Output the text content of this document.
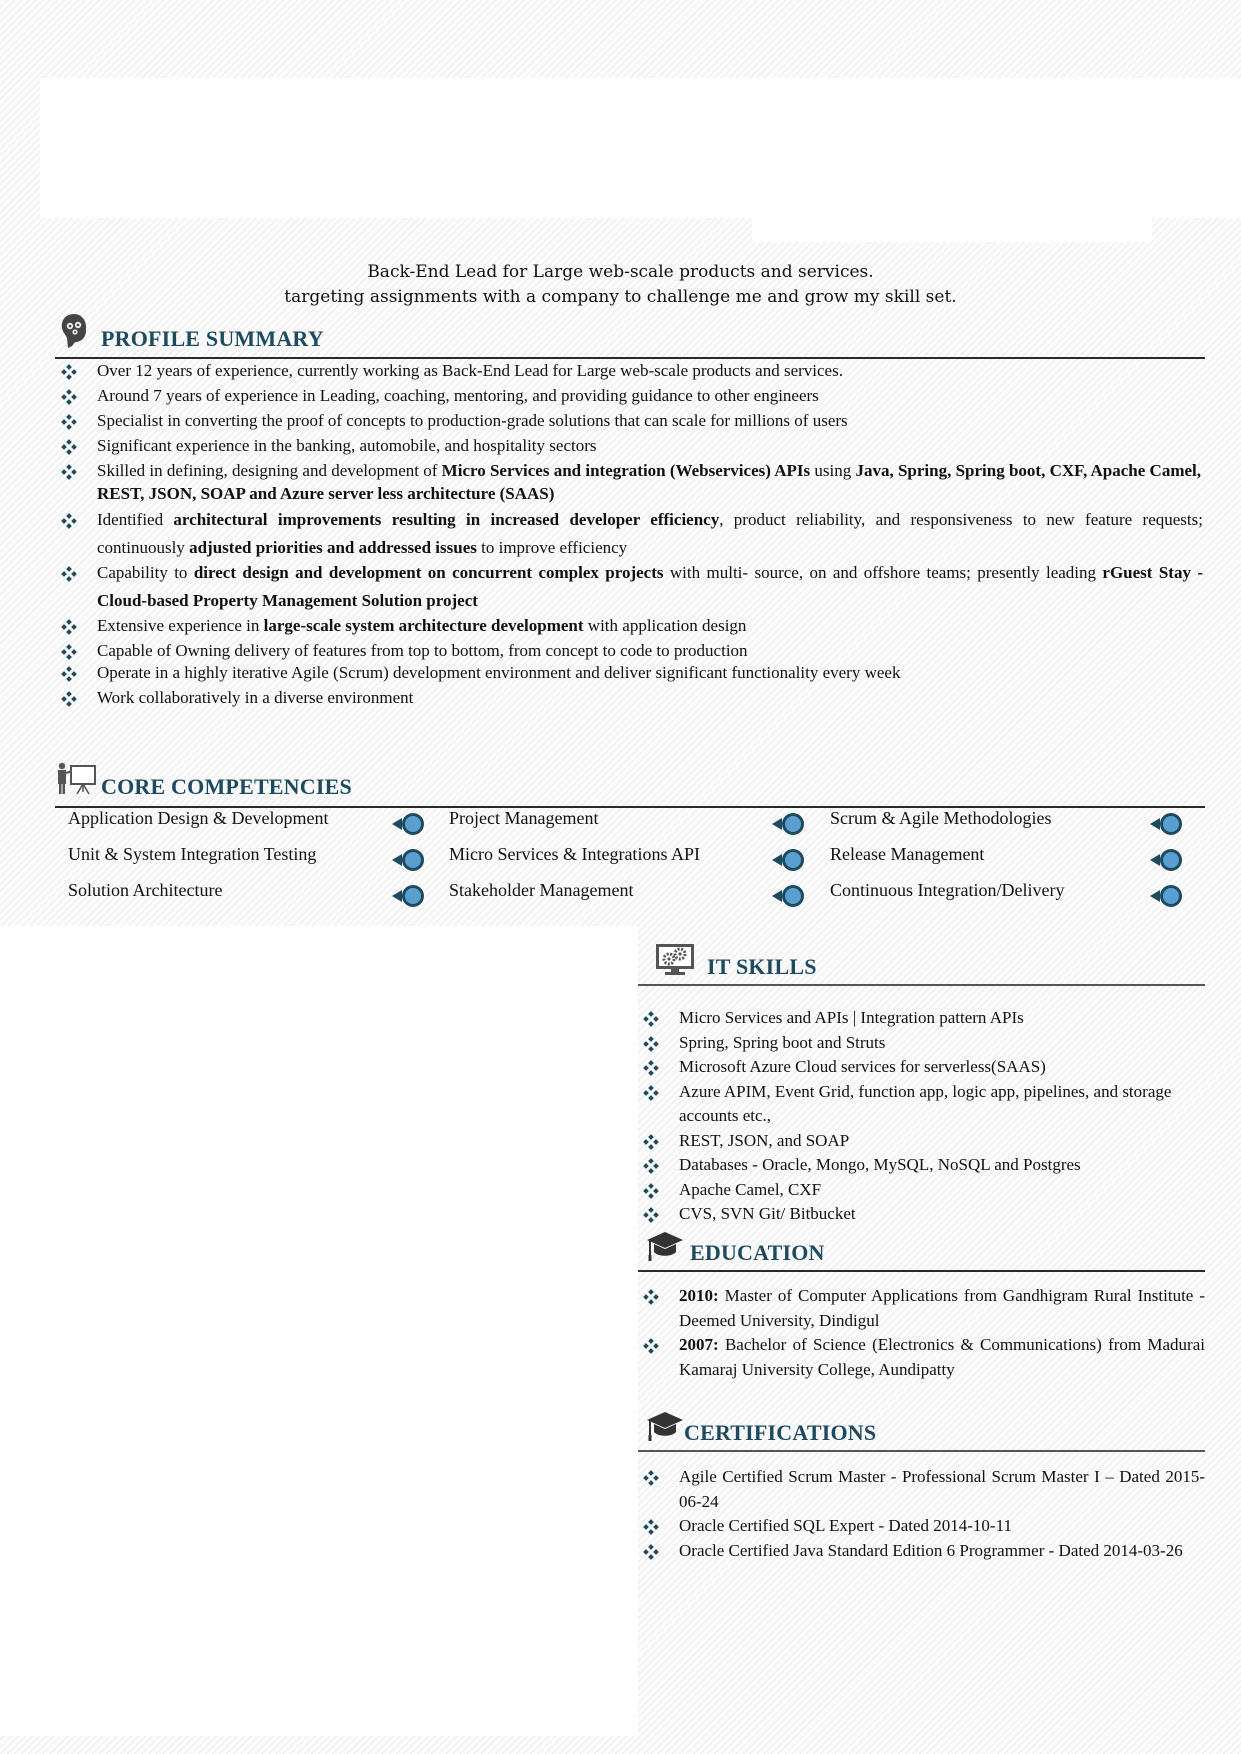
Back-End Lead for Large web-scale products and services.
targeting assignments with a company to challenge me and grow my skill set.
PROFILE SUMMARY
Over 12 years of experience, currently working as Back-End Lead for Large web-scale products and services.
Around 7 years of experience in Leading, coaching, mentoring, and providing guidance to other engineers
Specialist in converting the proof of concepts to production-grade solutions that can scale for millions of users
Significant experience in the banking, automobile, and hospitality sectors
Skilled in defining, designing and development of Micro Services and integration (Webservices) APIs using Java, Spring, Spring boot, CXF, Apache Camel, REST, JSON, SOAP and Azure server less architecture (SAAS)
Identified architectural improvements resulting in increased developer efficiency, product reliability, and responsiveness to new feature requests; continuously adjusted priorities and addressed issues to improve efficiency
Capability to direct design and development on concurrent complex projects with multi- source, on and offshore teams; presently leading rGuest Stay - Cloud-based Property Management Solution project
Extensive experience in large-scale system architecture development with application design
Capable of Owning delivery of features from top to bottom, from concept to code to production
Operate in a highly iterative Agile (Scrum) development environment and deliver significant functionality every week
Work collaboratively in a diverse environment
CORE COMPETENCIES
Application Design & Development
Unit & System Integration Testing
Solution Architecture
Project Management
Micro Services & Integrations API
Stakeholder Management
Scrum & Agile Methodologies
Release Management
Continuous Integration/Delivery
IT SKILLS
Micro Services and APIs | Integration pattern APIs
Spring, Spring boot and Struts
Microsoft Azure Cloud services for serverless(SAAS)
Azure APIM, Event Grid, function app, logic app, pipelines, and storage accounts etc.,
REST, JSON, and SOAP
Databases - Oracle, Mongo, MySQL, NoSQL and Postgres
Apache Camel, CXF
CVS, SVN Git/ Bitbucket
EDUCATION
2010: Master of Computer Applications from Gandhigram Rural Institute - Deemed University, Dindigul
2007: Bachelor of Science (Electronics & Communications) from Madurai Kamaraj University College, Aundipatty
CERTIFICATIONS
Agile Certified Scrum Master - Professional Scrum Master I – Dated 2015-06-24
Oracle Certified SQL Expert - Dated 2014-10-11
Oracle Certified Java Standard Edition 6 Programmer - Dated 2014-03-26
